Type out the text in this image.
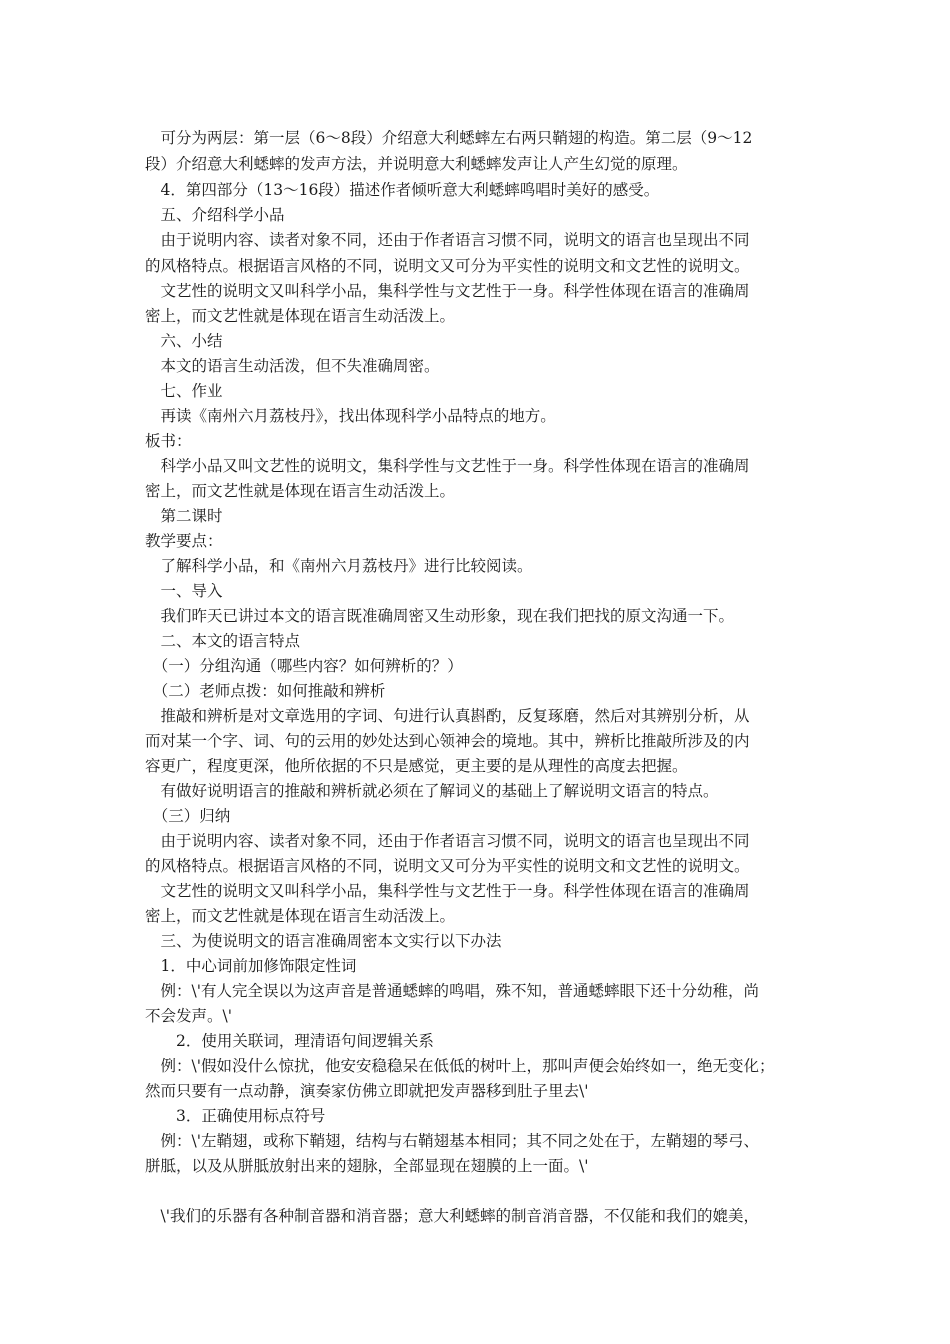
　可分为两层：第一层（6～8段）介绍意大利蟋蟀左右两只鞘翅的构造。第二层（9～12
段）介绍意大利蟋蟀的发声方法，并说明意大利蟋蟀发声让人产生幻觉的原理。
　4．第四部分（13～16段）描述作者倾听意大利蟋蟀鸣唱时美好的感受。
　五、介绍科学小品
　由于说明内容、读者对象不同，还由于作者语言习惯不同，说明文的语言也呈现出不同
的风格特点。根据语言风格的不同，说明文又可分为平实性的说明文和文艺性的说明文。
　文艺性的说明文又叫科学小品，集科学性与文艺性于一身。科学性体现在语言的准确周
密上，而文艺性就是体现在语言生动活泼上。
　六、小结
　本文的语言生动活泼，但不失准确周密。
　七、作业
　再读《南州六月荔枝丹》，找出体现科学小品特点的地方。
板书：
　科学小品又叫文艺性的说明文，集科学性与文艺性于一身。科学性体现在语言的准确周
密上，而文艺性就是体现在语言生动活泼上。
　第二课时
教学要点：
　了解科学小品，和《南州六月荔枝丹》进行比较阅读。
　一、导入
　我们昨天已讲过本文的语言既准确周密又生动形象，现在我们把找的原文沟通一下。
　二、本文的语言特点
　（一）分组沟通（哪些内容？如何辨析的？）
　（二）老师点拨：如何推敲和辨析
　推敲和辨析是对文章选用的字词、句进行认真斟酌，反复琢磨，然后对其辨别分析，从
而对某一个字、词、句的云用的妙处达到心领神会的境地。其中，辨析比推敲所涉及的内
容更广，程度更深，他所依据的不只是感觉，更主要的是从理性的高度去把握。
　有做好说明语言的推敲和辨析就必须在了解词义的基础上了解说明文语言的特点。
　（三）归纳
　由于说明内容、读者对象不同，还由于作者语言习惯不同，说明文的语言也呈现出不同
的风格特点。根据语言风格的不同，说明文又可分为平实性的说明文和文艺性的说明文。
　文艺性的说明文又叫科学小品，集科学性与文艺性于一身。科学性体现在语言的准确周
密上，而文艺性就是体现在语言生动活泼上。
　三、为使说明文的语言准确周密本文实行以下办法
　1．中心词前加修饰限定性词
　例：\'有人完全误以为这声音是普通蟋蟀的鸣唱，殊不知，普通蟋蟀眼下还十分幼稚，尚
不会发声。\'
　　2．使用关联词，理清语句间逻辑关系
　例：\'假如没什么惊扰，他安安稳稳呆在低低的树叶上，那叫声便会始终如一，绝无变化；
然而只要有一点动静，演奏家仿佛立即就把发声器移到肚子里去\'
　　3．正确使用标点符号
　例：\'左鞘翅，或称下鞘翅，结构与右鞘翅基本相同；其不同之处在于，左鞘翅的琴弓、
胼胝，以及从胼胝放射出来的翅脉，全部显现在翅膜的上一面。\'
　\'我们的乐器有各种制音器和消音器；意大利蟋蟀的制音消音器，不仅能和我们的媲美，
